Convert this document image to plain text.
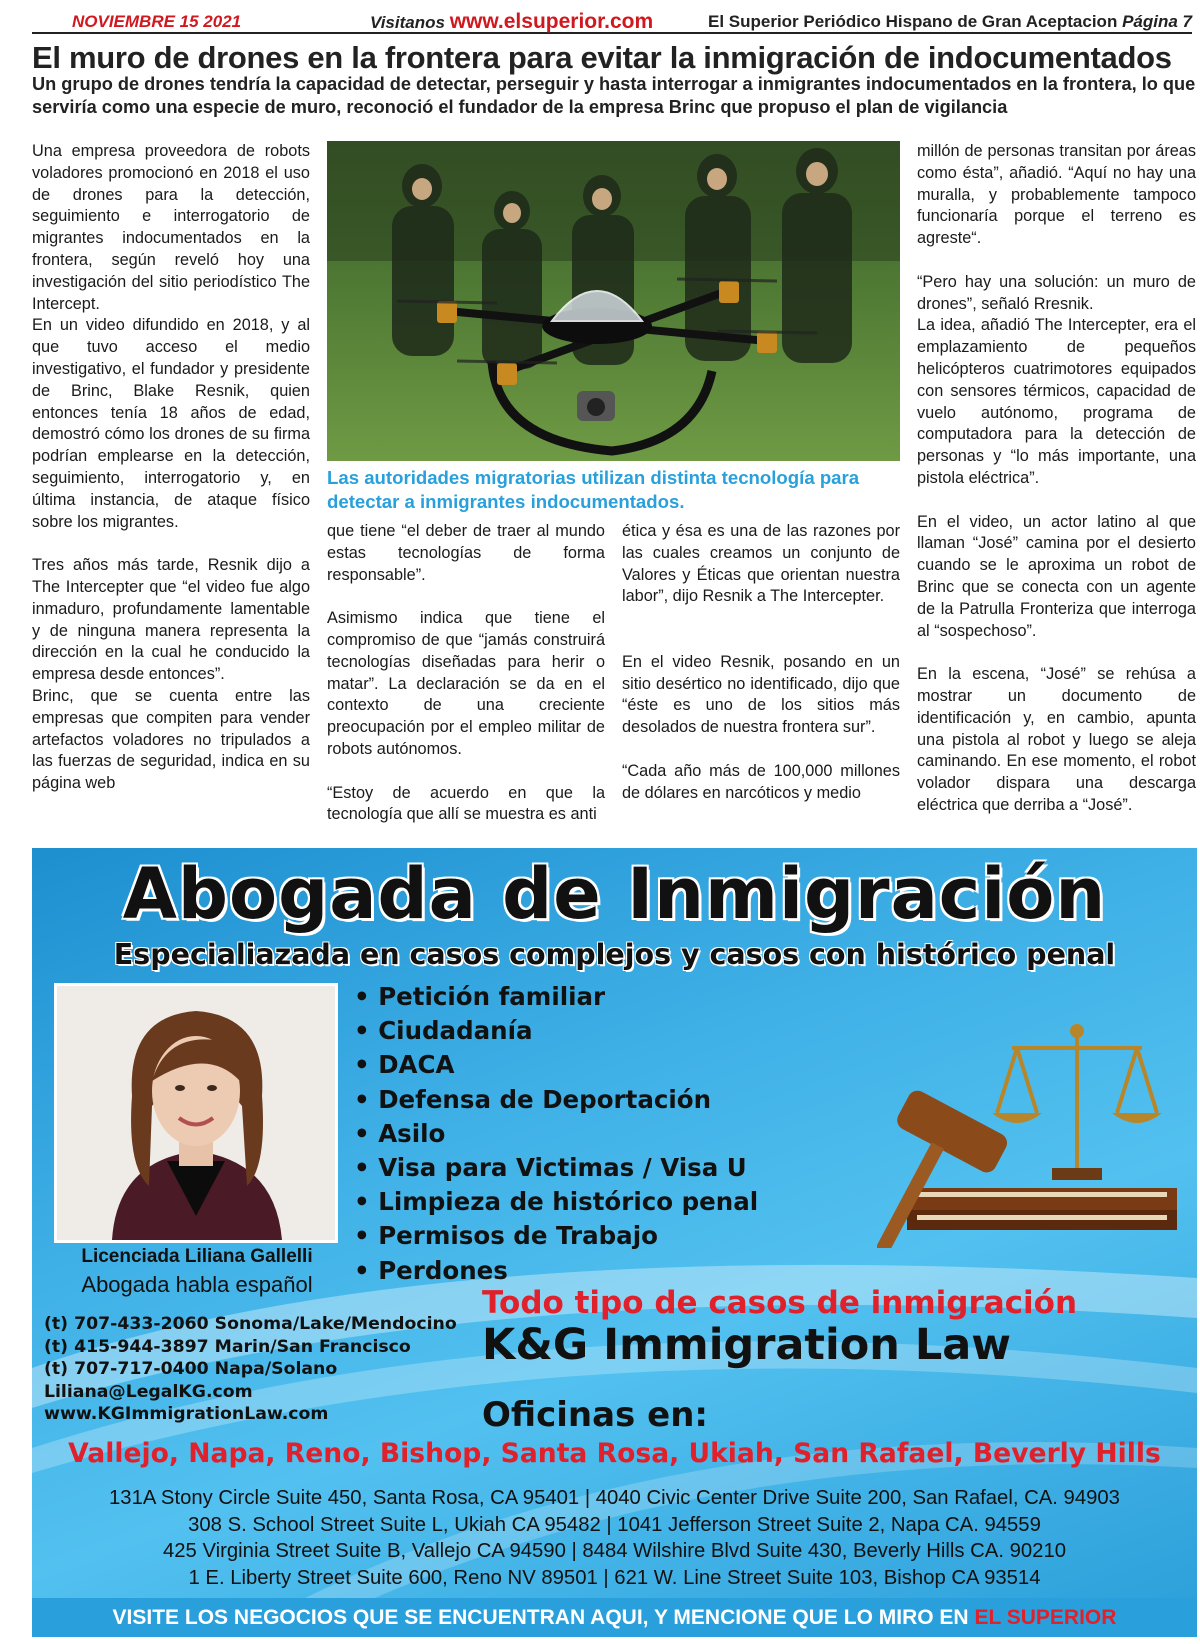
NOVIEMBRE 15 2021	Visitanos www.elsuperior.com	El Superior Periódico Hispano de Gran Aceptacion Página 7
El muro de drones en la frontera para evitar la inmigración de indocumentados
Un grupo de drones tendría la capacidad de detectar, perseguir y hasta interrogar a inmigrantes indocumentados en la frontera, lo que serviría como una especie de muro, reconoció el fundador de la empresa Brinc que propuso el plan de vigilancia

Una empresa proveedora de robots voladores promocionó en 2018 el uso de drones para la detección, seguimiento e interrogatorio de migrantes indocumentados en la frontera, según reveló hoy una investigación del sitio periodístico The Intercept.

En un video difundido en 2018, y al que tuvo acceso el medio investigativo, el fundador y presidente de Brinc, Blake Resnik, quien entonces tenía 18 años de edad, demostró cómo los drones de su firma podrían emplearse en la detección, seguimiento, interrogatorio y, en última instancia, de ataque físico sobre los migrantes.

Tres años más tarde, Resnik dijo a The Intercepter que “el video fue algo inmaduro, profundamente lamentable y de ninguna manera representa la dirección en la cual he conducido la empresa desde entonces”.

Brinc, que se cuenta entre las empresas que compiten para vender artefactos voladores no tripulados a las fuerzas de seguridad, indica en su página web

Las autoridades migratorias utilizan distinta tecnología para detectar a inmigrantes indocumentados.

que tiene “el deber de traer al mundo estas tecnologías de forma responsable”.

Asimismo indica que tiene el compromiso de que “jamás construirá tecnologías diseñadas para herir o matar”. La declaración se da en el contexto de una creciente preocupación por el empleo militar de robots autónomos.

“Estoy de acuerdo en que la tecnología que allí se muestra es anti

ética y ésa es una de las razones por las cuales creamos un conjunto de Valores y Éticas que orientan nuestra labor”, dijo Resnik a The Intercepter.

En el video Resnik, posando en un sitio desértico no identificado, dijo que “éste es uno de los sitios más desolados de nuestra frontera sur”.

“Cada año más de 100,000 millones de dólares en narcóticos y medio

millón de personas transitan por áreas como ésta”, añadió. “Aquí no hay una muralla, y probablemente tampoco funcionaría porque el terreno es agreste“.

“Pero hay una solución: un muro de drones”, señaló Rresnik.

La idea, añadió The Intercepter, era el emplazamiento de pequeños helicópteros cuatrimotores equipados con sensores térmicos, capacidad de vuelo autónomo, programa de computadora para la detección de personas y “lo más importante, una pistola eléctrica”.

En el video, un actor latino al que llaman “José” camina por el desierto cuando se le aproxima un robot de Brinc que se conecta con un agente de la Patrulla Fronteriza que interroga al “sospechoso”.

En la escena, “José” se rehúsa a mostrar un documento de identificación y, en cambio, apunta una pistola al robot y luego se aleja caminando. En ese momento, el robot volador dispara una descarga eléctrica que derriba a “José”.

Abogada de Inmigración
Especialiazada en casos complejos y casos con histórico penal
Licenciada Liliana Gallelli
Abogada habla español
• Petición familiar
• Ciudadanía
• DACA
• Defensa de Deportación
• Asilo
• Visa para Victimas / Visa U
• Limpieza de histórico penal
• Permisos de Trabajo
• Perdones
(t) 707-433-2060 Sonoma/Lake/Mendocino
(t) 415-944-3897 Marin/San Francisco
(t) 707-717-0400 Napa/Solano
Liliana@LegalKG.com
www.KGImmigrationLaw.com
Todo tipo de casos de inmigración
K&G Immigration Law
Oficinas en:
Vallejo, Napa, Reno, Bishop, Santa Rosa, Ukiah, San Rafael, Beverly Hills
131A Stony Circle Suite 450, Santa Rosa, CA 95401 | 4040 Civic Center Drive Suite 200, San Rafael, CA. 94903
308 S. School Street Suite L, Ukiah CA 95482 | 1041 Jefferson Street Suite 2, Napa CA. 94559
425 Virginia Street Suite B, Vallejo CA 94590 | 8484 Wilshire Blvd Suite 430, Beverly Hills CA. 90210
1 E. Liberty Street Suite 600, Reno NV 89501 | 621 W. Line Street Suite 103, Bishop CA 93514
VISITE LOS NEGOCIOS QUE SE ENCUENTRAN AQUI, Y MENCIONE QUE LO MIRO EN EL SUPERIOR
